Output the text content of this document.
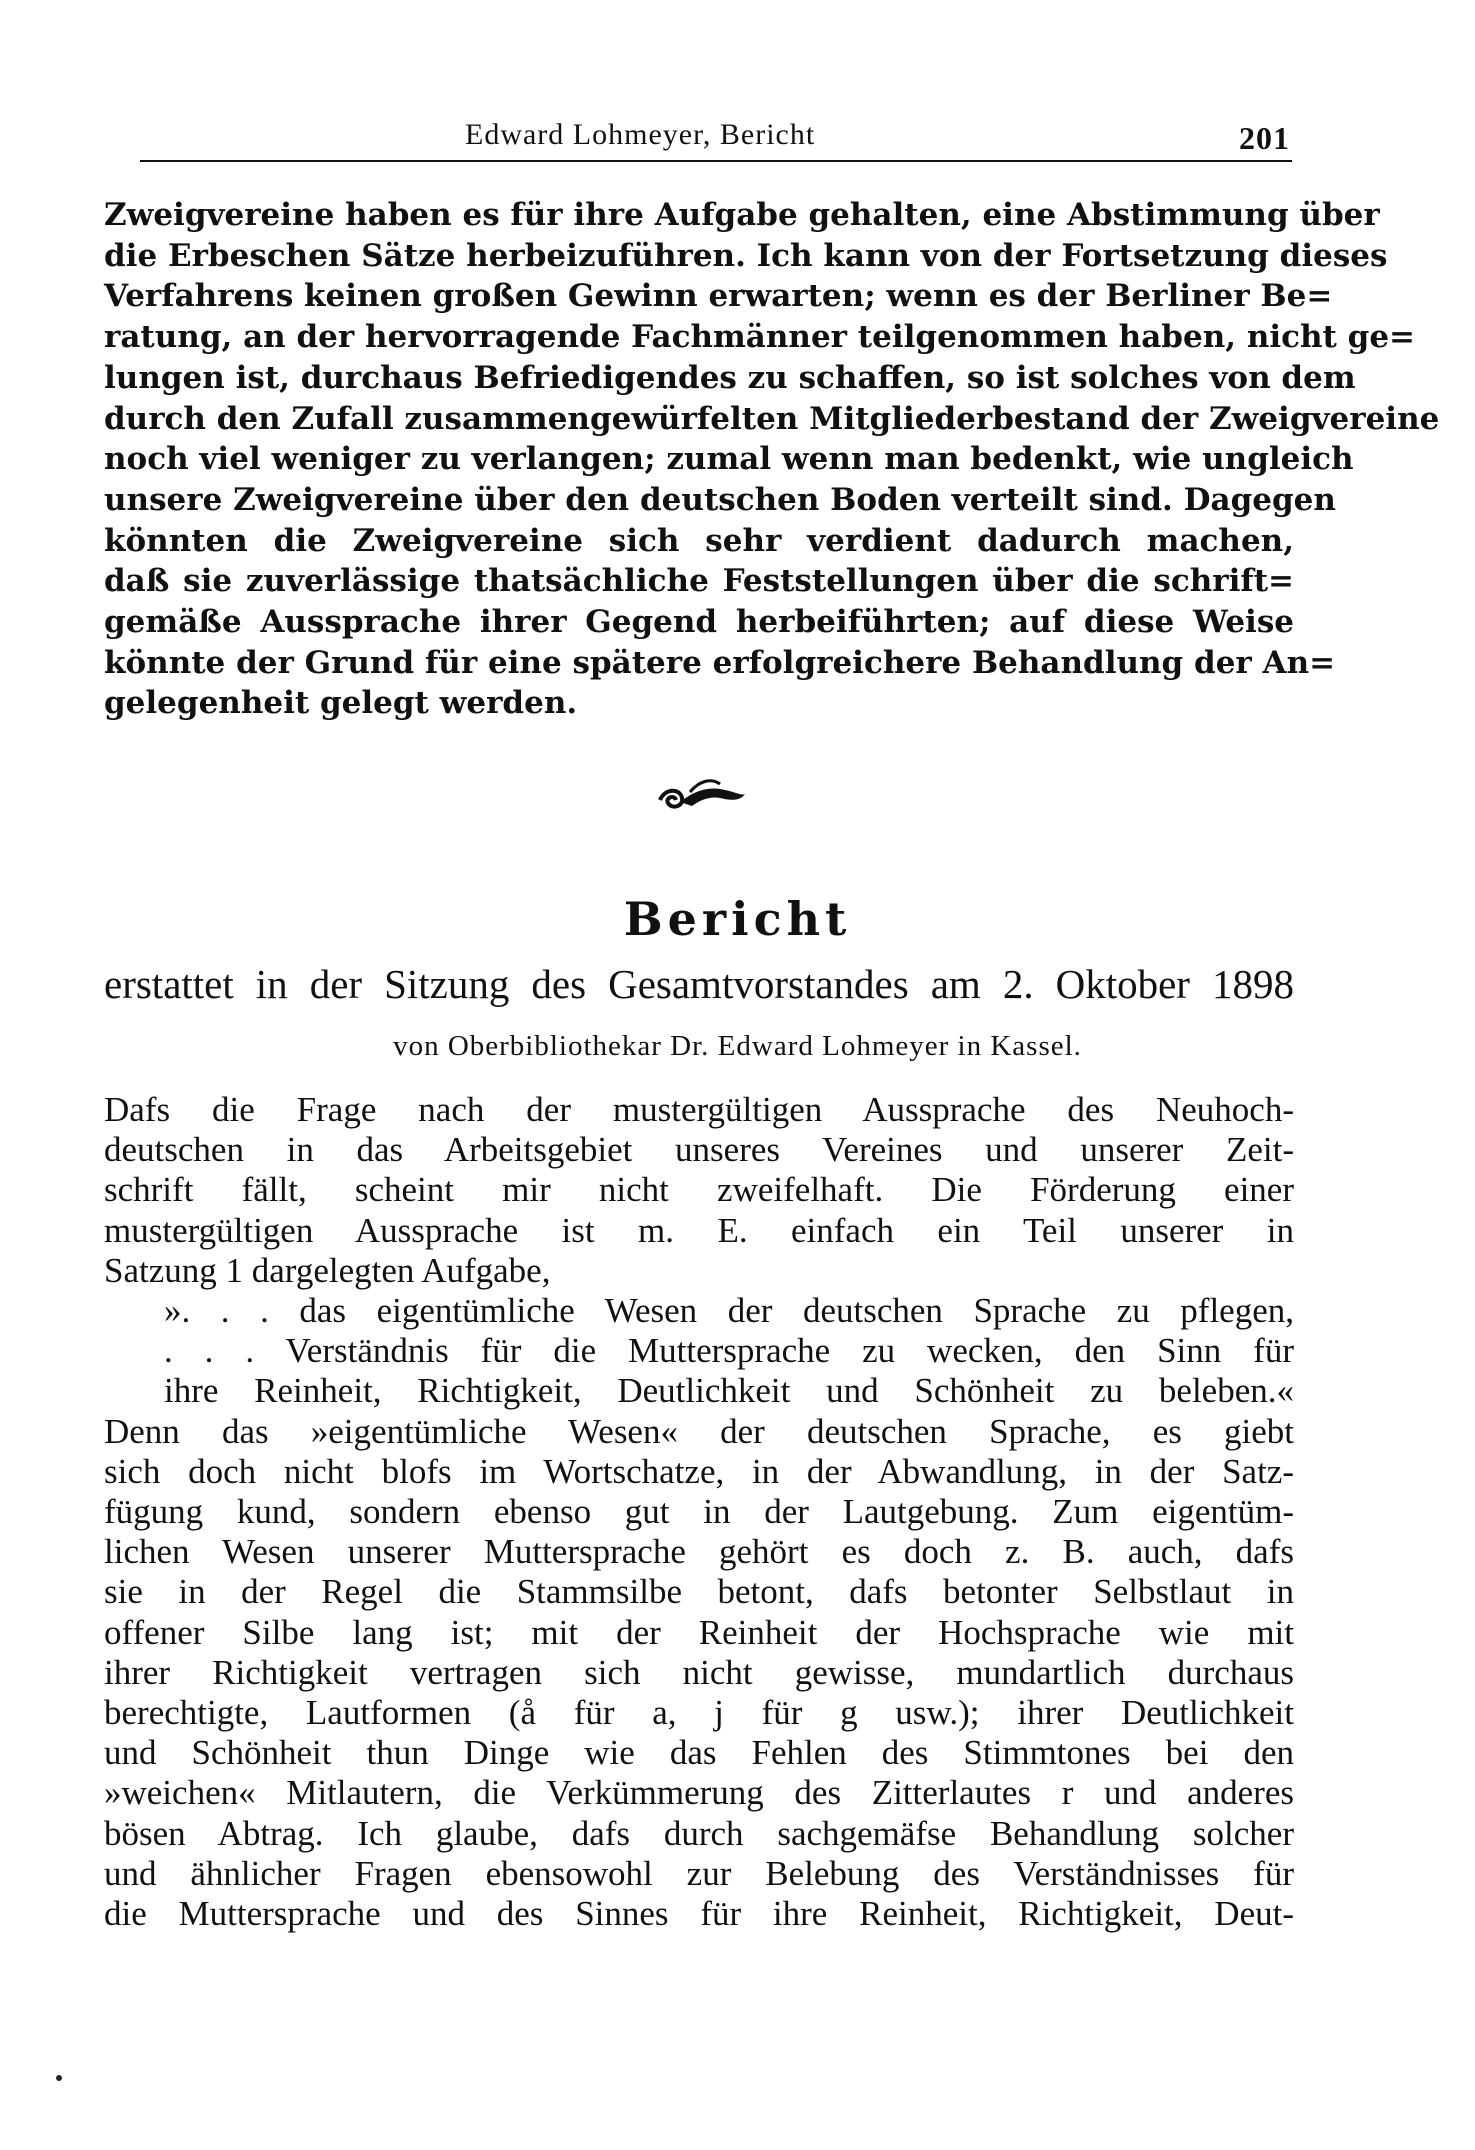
Edward Lohmeyer, Bericht	201
Zweigvereine haben es für ihre Aufgabe gehalten, eine Abstimmung über
die Erbeschen Sätze herbeizuführen. Ich kann von der Fortsetzung dieses
Verfahrens keinen großen Gewinn erwarten; wenn es der Berliner Be=
ratung, an der hervorragende Fachmänner teilgenommen haben, nicht ge=
lungen ist, durchaus Befriedigendes zu schaffen, so ist solches von dem
durch den Zufall zusammengewürfelten Mitgliederbestand der Zweigvereine
noch viel weniger zu verlangen; zumal wenn man bedenkt, wie ungleich
unsere Zweigvereine über den deutschen Boden verteilt sind. Dagegen
könnten die Zweigvereine sich sehr verdient dadurch machen,
daß sie zuverlässige thatsächliche Feststellungen über die schrift=
gemäße Aussprache ihrer Gegend herbeiführten; auf diese Weise
könnte der Grund für eine spätere erfolgreichere Behandlung der An=
gelegenheit gelegt werden.
Bericht
erstattet in der Sitzung des Gesamtvorstandes am 2. Oktober 1898
von Oberbibliothekar Dr. Edward Lohmeyer in Kassel.
Dafs die Frage nach der mustergültigen Aussprache des Neuhoch-
deutschen in das Arbeitsgebiet unseres Vereines und unserer Zeit-
schrift fällt, scheint mir nicht zweifelhaft. Die Förderung einer
mustergültigen Aussprache ist m. E. einfach ein Teil unserer in
Satzung 1 dargelegten Aufgabe,
». . . das eigentümliche Wesen der deutschen Sprache zu pflegen,
. . . Verständnis für die Muttersprache zu wecken, den Sinn für
ihre Reinheit, Richtigkeit, Deutlichkeit und Schönheit zu beleben.«
Denn das »eigentümliche Wesen« der deutschen Sprache, es giebt
sich doch nicht blofs im Wortschatze, in der Abwandlung, in der Satz-
fügung kund, sondern ebenso gut in der Lautgebung. Zum eigentüm-
lichen Wesen unserer Muttersprache gehört es doch z. B. auch, dafs
sie in der Regel die Stammsilbe betont, dafs betonter Selbstlaut in
offener Silbe lang ist; mit der Reinheit der Hochsprache wie mit
ihrer Richtigkeit vertragen sich nicht gewisse, mundartlich durchaus
berechtigte, Lautformen (å für a, j für g usw.); ihrer Deutlichkeit
und Schönheit thun Dinge wie das Fehlen des Stimmtones bei den
»weichen« Mitlautern, die Verkümmerung des Zitterlautes r und anderes
bösen Abtrag. Ich glaube, dafs durch sachgemäfse Behandlung solcher
und ähnlicher Fragen ebensowohl zur Belebung des Verständnisses für
die Muttersprache und des Sinnes für ihre Reinheit, Richtigkeit, Deut-
